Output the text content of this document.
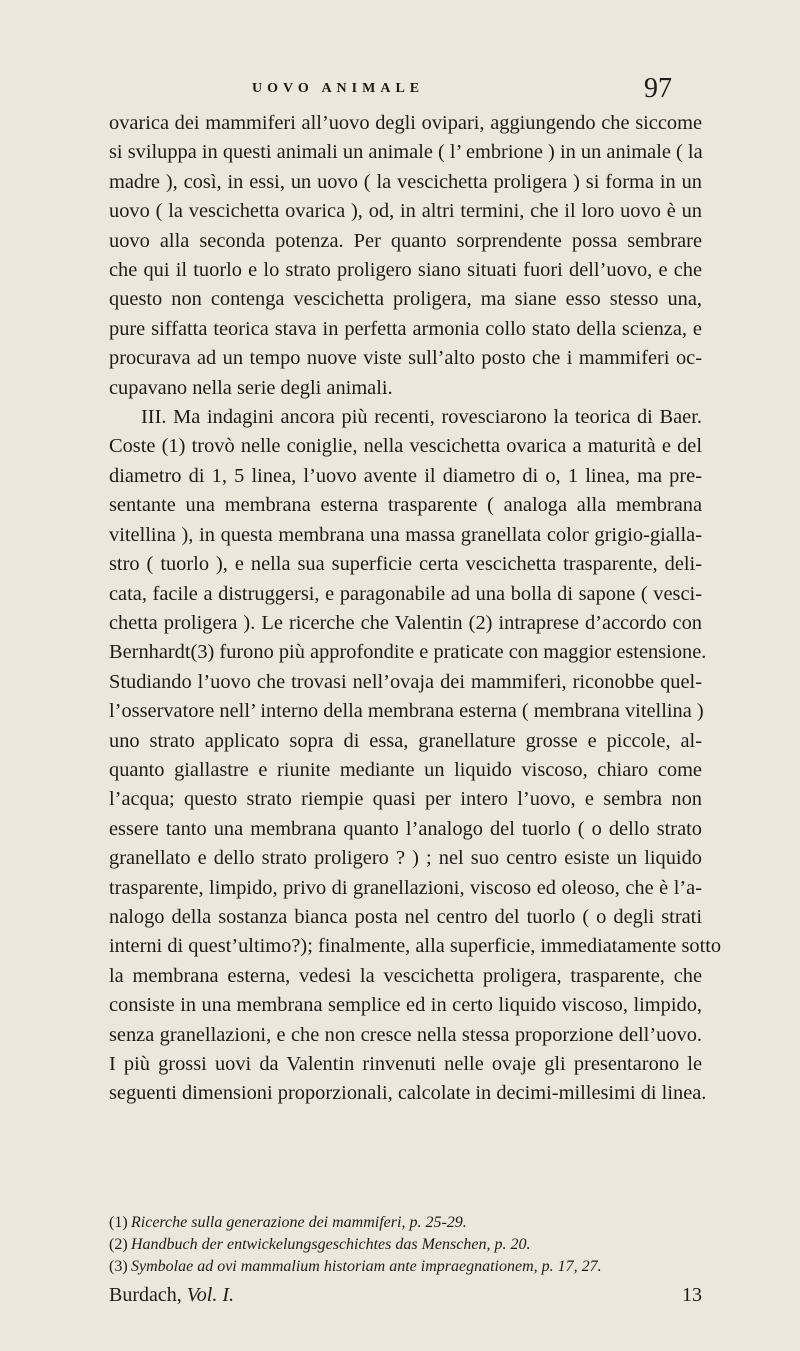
UOVO ANIMALE	97
ovarica dei mammiferi all’uovo degli ovipari, aggiungendo che siccome
si sviluppa in questi animali un animale ( l’ embrione ) in un animale ( la
madre ), così, in essi, un uovo ( la vescichetta proligera ) si forma in un
uovo ( la vescichetta ovarica ), od, in altri termini, che il loro uovo è un
uovo alla seconda potenza. Per quanto sorprendente possa sembrare
che qui il tuorlo e lo strato proligero siano situati fuori dell’uovo, e che
questo non contenga vescichetta proligera, ma siane esso stesso una,
pure siffatta teorica stava in perfetta armonia collo stato della scienza, e
procurava ad un tempo nuove viste sull’alto posto che i mammiferi oc-
cupavano nella serie degli animali.
III. Ma indagini ancora più recenti, rovesciarono la teorica di Baer.
Coste (1) trovò nelle coniglie, nella vescichetta ovarica a maturità e del
diametro di 1, 5 linea, l’uovo avente il diametro di o, 1 linea, ma pre-
sentante una membrana esterna trasparente ( analoga alla membrana
vitellina ), in questa membrana una massa granellata color grigio-gialla-
stro ( tuorlo ), e nella sua superficie certa vescichetta trasparente, deli-
cata, facile a distruggersi, e paragonabile ad una bolla di sapone ( vesci-
chetta proligera ). Le ricerche che Valentin (2) intraprese d’accordo con
Bernhardt(3) furono più approfondite e praticate con maggior estensione.
Studiando l’uovo che trovasi nell’ovaja dei mammiferi, riconobbe quel-
l’osservatore nell’ interno della membrana esterna ( membrana vitellina )
uno strato applicato sopra di essa, granellature grosse e piccole, al-
quanto giallastre e riunite mediante un liquido viscoso, chiaro come
l’acqua; questo strato riempie quasi per intero l’uovo, e sembra non
essere tanto una membrana quanto l’analogo del tuorlo ( o dello strato
granellato e dello strato proligero ? ) ; nel suo centro esiste un liquido
trasparente, limpido, privo di granellazioni, viscoso ed oleoso, che è l’a-
nalogo della sostanza bianca posta nel centro del tuorlo ( o degli strati
interni di quest’ultimo?); finalmente, alla superficie, immediatamente sotto
la membrana esterna, vedesi la vescichetta proligera, trasparente, che
consiste in una membrana semplice ed in certo liquido viscoso, limpido,
senza granellazioni, e che non cresce nella stessa proporzione dell’uovo.
I più grossi uovi da Valentin rinvenuti nelle ovaje gli presentarono le
seguenti dimensioni proporzionali, calcolate in decimi-millesimi di linea.
(1) Ricerche sulla generazione dei mammiferi, p. 25-29.
(2) Handbuch der entwickelungsgeschichtes das Menschen, p. 20.
(3) Symbolae ad ovi mammalium historiam ante impraegnationem, p. 17, 27.
Burdach, Vol. I.	13
